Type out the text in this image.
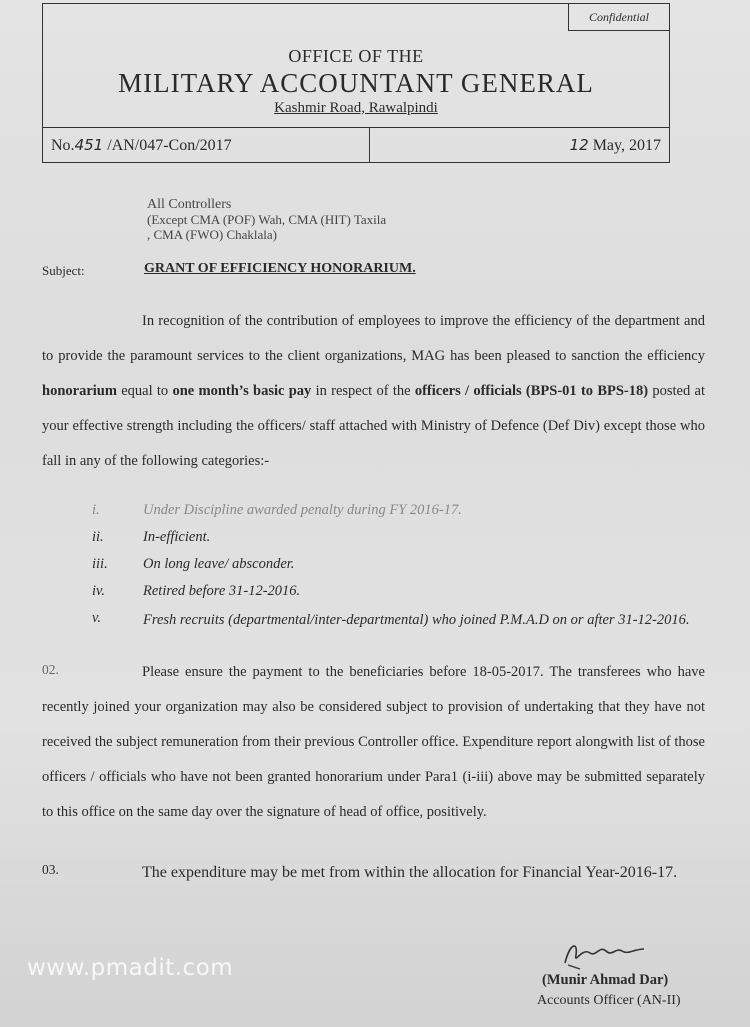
Confidential
OFFICE OF THE
MILITARY ACCOUNTANT GENERAL
Kashmir Road, Rawalpindi
No.451 /AN/047-Con/2017	12 May, 2017
All Controllers
(Except CMA (POF) Wah, CMA (HIT) Taxila
, CMA (FWO) Chaklala)
Subject:	GRANT OF EFFICIENCY HONORARIUM.

In recognition of the contribution of employees to improve the efficiency of the department and to provide the paramount services to the client organizations, MAG has been pleased to sanction the efficiency honorarium equal to one month’s basic pay in respect of the officers / officials (BPS-01 to BPS-18) posted at your effective strength including the officers/ staff attached with Ministry of Defence (Def Div) except those who fall in any of the following categories:-

i.	Under Discipline awarded penalty during FY 2016-17.
ii.	In-efficient.
iii.	On long leave/ absconder.
iv.	Retired before 31-12-2016.
v.	Fresh recruits (departmental/inter-departmental) who joined P.M.A.D on or after 31-12-2016.
02.	Please ensure the payment to the beneficiaries before 18-05-2017. The transferees who have recently joined your organization may also be considered subject to provision of undertaking that they have not received the subject remuneration from their previous Controller office. Expenditure report alongwith list of those officers / officials who have not been granted honorarium under Para1 (i-iii) above may be submitted separately to this office on the same day over the signature of head of office, positively.

03.	The expenditure may be met from within the allocation for Financial Year-2016-17.

(Munir Ahmad Dar)
Accounts Officer (AN-II)
www.pmadit.com
